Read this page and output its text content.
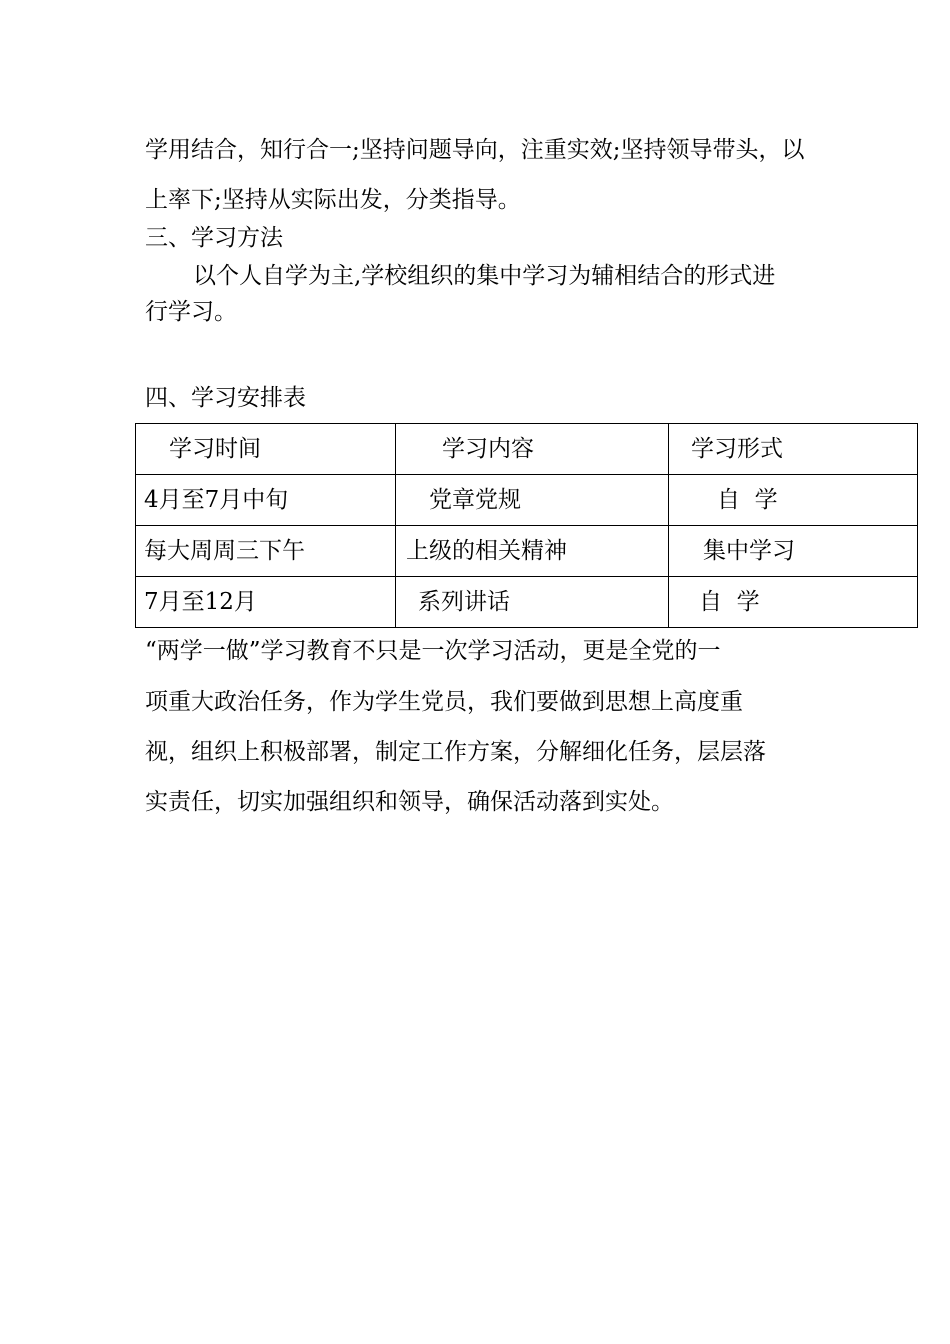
学用结合，知行合一;坚持问题导向，注重实效;坚持领导带头，以
上率下;坚持从实际出发，分类指导。
三、学习方法
以个人自学为主,学校组织的集中学习为辅相结合的形式进
行学习。
四、学习安排表
学习时间	学习内容	学习形式
4月至7月中旬	党章党规	自  学
每大周周三下午	上级的相关精神	集中学习
7月至12月	系列讲话	自  学
“两学一做”学习教育不只是一次学习活动，更是全党的一
项重大政治任务，作为学生党员，我们要做到思想上高度重
视，组织上积极部署，制定工作方案，分解细化任务，层层落
实责任，切实加强组织和领导，确保活动落到实处。
